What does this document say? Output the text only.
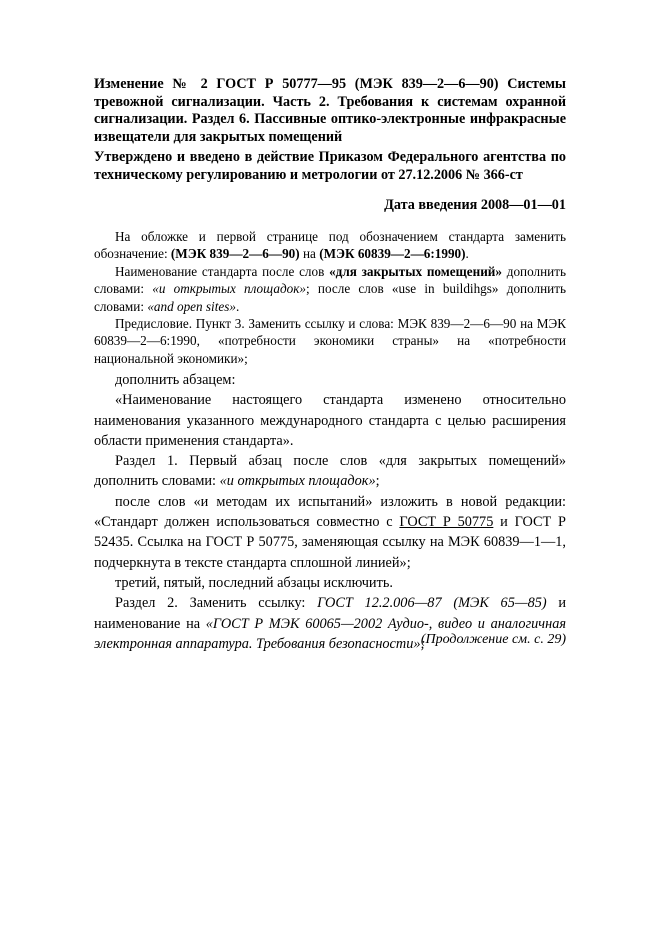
Изменение № 2 ГОСТ Р 50777—95 (МЭК 839—2—6—90) Системы тревожной сигнализации. Часть 2. Требования к системам охранной сигнализации. Раздел 6. Пассивные оптико-электронные инфракрасные извещатели для закрытых помещений
Утверждено и введено в действие Приказом Федерального агентства по техническому регулированию и метрологии от 27.12.2006 № 366-ст
Дата введения 2008—01—01

На обложке и первой странице под обозначением стандарта заменить обозначение: (МЭК 839—2—6—90) на (МЭК 60839—2—6:1990).

Наименование стандарта после слов «для закрытых помещений» дополнить словами: «и открытых площадок»; после слов «use in buildihgs» дополнить словами: «and open sites».

Предисловие. Пункт 3. Заменить ссылку и слова: МЭК 839—2—6—90 на МЭК 60839—2—6:1990, «потребности экономики страны» на «потребности национальной экономики»;

дополнить абзацем:

«Наименование настоящего стандарта изменено относительно наименования указанного международного стандарта с целью расширения области применения стандарта».

Раздел 1. Первый абзац после слов «для закрытых помещений» дополнить словами: «и открытых площадок»;

после слов «и методам их испытаний» изложить в новой редакции: «Стандарт должен использоваться совместно с ГОСТ Р 50775 и ГОСТ Р 52435. Ссылка на ГОСТ Р 50775, заменяющая ссылку на МЭК 60839—1—1, подчеркнута в тексте стандарта сплошной линией»;

третий, пятый, последний абзацы исключить.

Раздел 2. Заменить ссылку: ГОСТ 12.2.006—87 (МЭК 65—85) и наименование на «ГОСТ Р МЭК 60065—2002 Аудио-, видео и аналогичная электронная аппаратура. Требования безопасности»;

(Продолжение см. с. 29)
